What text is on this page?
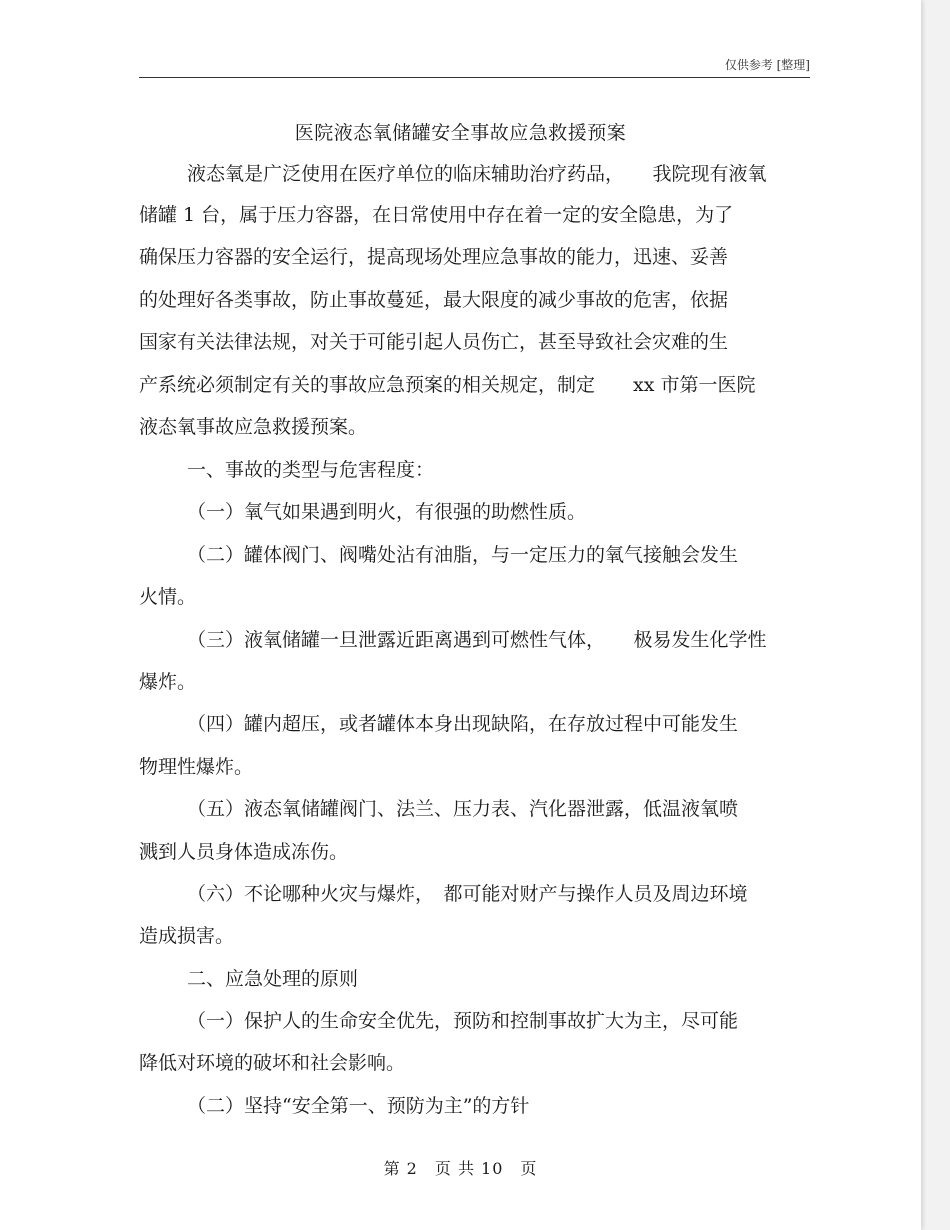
仅供参考 [整理]
医院液态氧储罐安全事故应急救援预案
液态氧是广泛使用在医疗单位的临床辅助治疗药品，　　我院现有液氧
储罐 1 台，属于压力容器，在日常使用中存在着一定的安全隐患，为了
确保压力容器的安全运行，提高现场处理应急事故的能力，迅速、妥善
的处理好各类事故，防止事故蔓延，最大限度的减少事故的危害，依据
国家有关法律法规，对关于可能引起人员伤亡，甚至导致社会灾难的生
产系统必须制定有关的事故应急预案的相关规定，制定　　xx 市第一医院
液态氧事故应急救援预案。
一、事故的类型与危害程度：
（一）氧气如果遇到明火，有很强的助燃性质。
（二）罐体阀门、阀嘴处沾有油脂，与一定压力的氧气接触会发生
火情。
（三）液氧储罐一旦泄露近距离遇到可燃性气体，　　极易发生化学性
爆炸。
（四）罐内超压，或者罐体本身出现缺陷，在存放过程中可能发生
物理性爆炸。
（五）液态氧储罐阀门、法兰、压力表、汽化器泄露，低温液氧喷
溅到人员身体造成冻伤。
（六）不论哪种火灾与爆炸，　都可能对财产与操作人员及周边环境
造成损害。
二、应急处理的原则
（一）保护人的生命安全优先，预防和控制事故扩大为主，尽可能
降低对环境的破坏和社会影响。
（二）坚持“安全第一、预防为主”的方针
第 2　页 共 10　页
